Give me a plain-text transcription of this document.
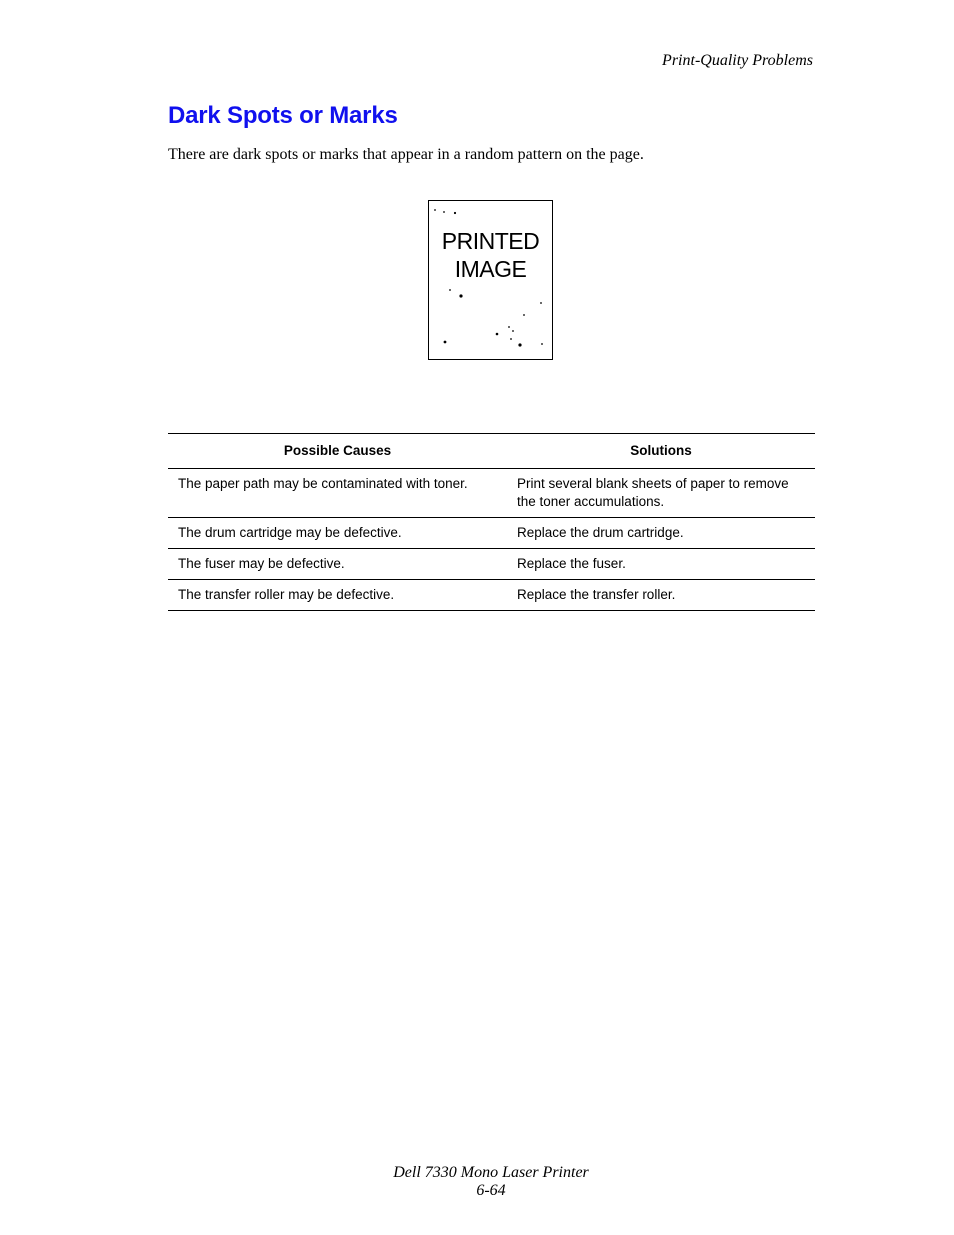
Print-Quality Problems
Dark Spots or Marks

There are dark spots or marks that appear in a random pattern on the page.

PRINTED
IMAGE
Possible Causes	Solutions
The paper path may be contaminated with toner.	Print several blank sheets of paper to remove the toner accumulations.
The drum cartridge may be defective.	Replace the drum cartridge.
The fuser may be defective.	Replace the fuser.
The transfer roller may be defective.	Replace the transfer roller.
Dell 7330 Mono Laser Printer
6-64
